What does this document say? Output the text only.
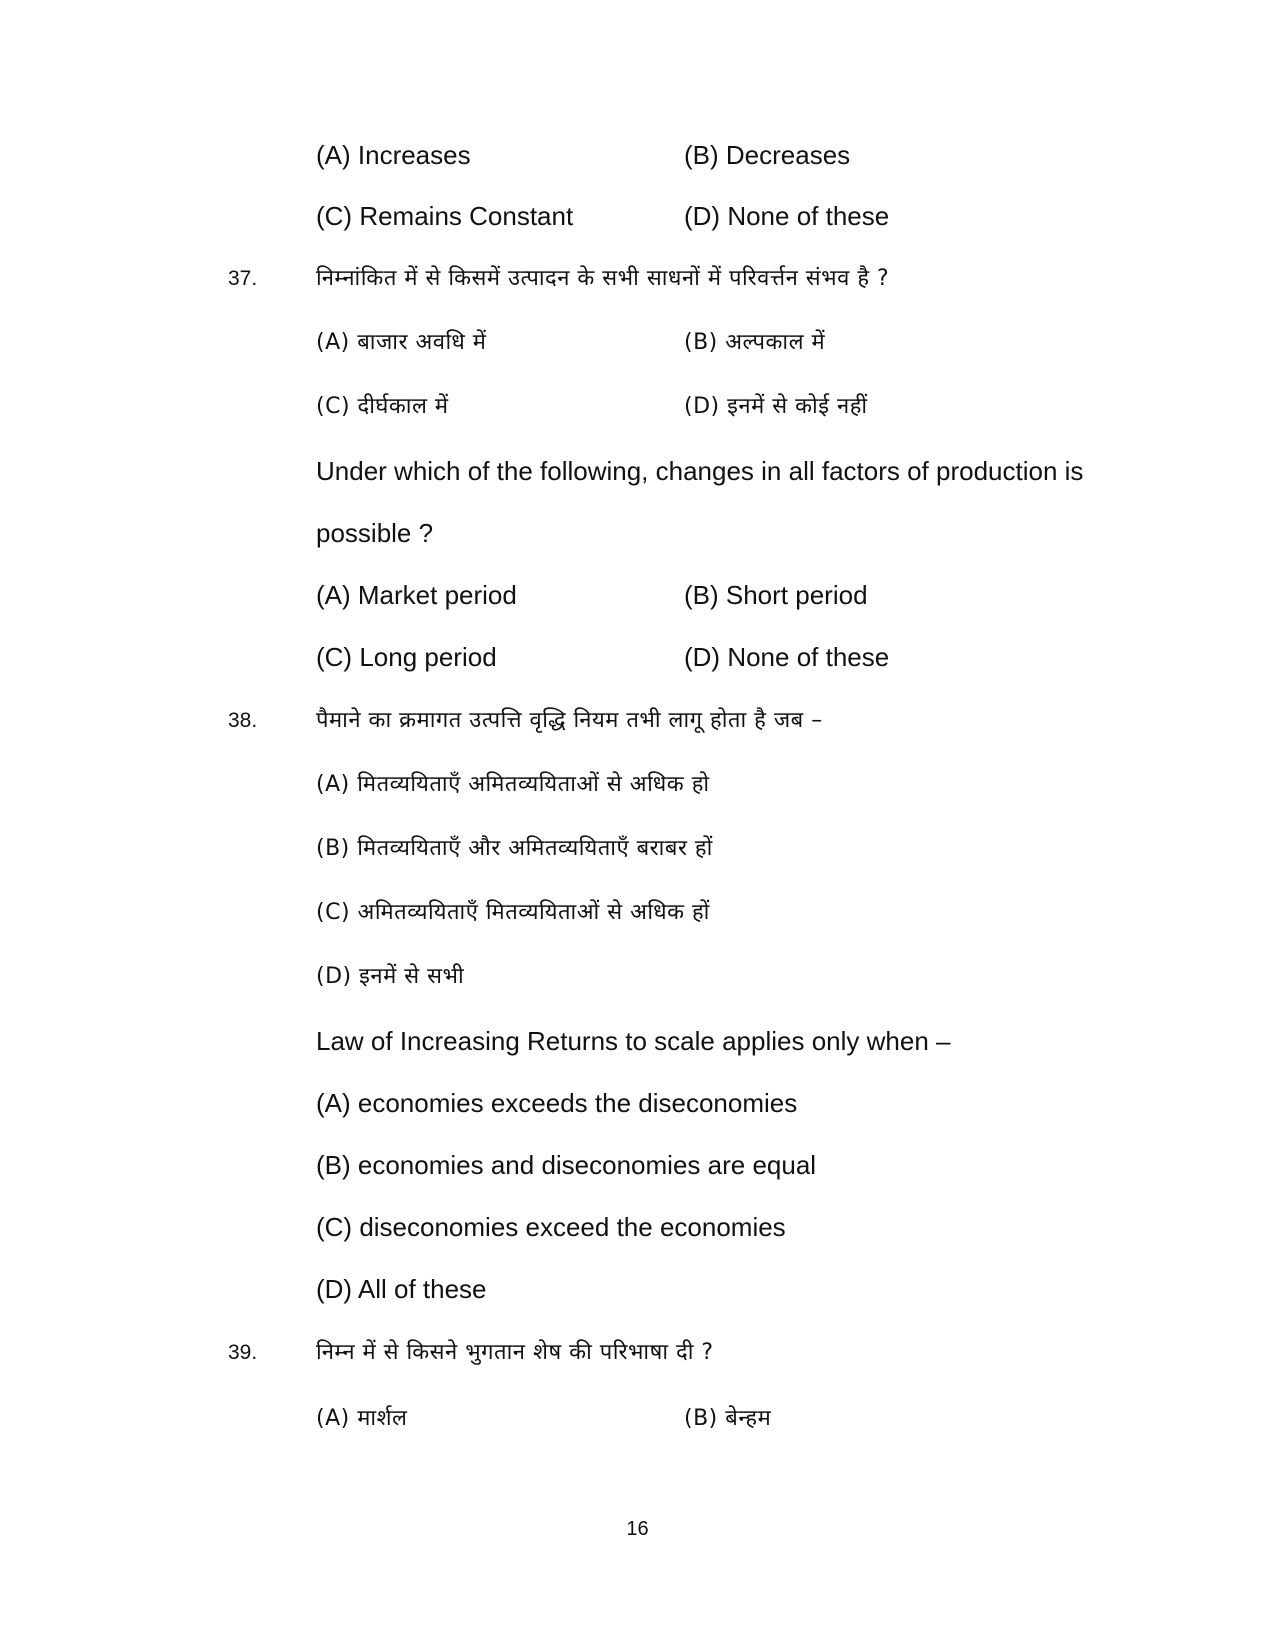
(A) Increases	(B) Decreases
(C) Remains Constant	(D) None of these
37.	निम्नांकित में से किसमें उत्पादन के सभी साधनों में परिवर्त्तन संभव है ?
(A) बाजार अवधि में	(B) अल्पकाल में
(C) दीर्घकाल में	(D) इनमें से कोई नहीं
Under which of the following, changes in all factors of production is
possible ?
(A) Market period	(B) Short period
(C) Long period	(D) None of these
38.	पैमाने का क्रमागत उत्पत्ति वृद्धि नियम तभी लागू होता है जब –
(A) मितव्ययिताएँ अमितव्ययिताओं से अधिक हो
(B) मितव्ययिताएँ और अमितव्ययिताएँ बराबर हों
(C) अमितव्ययिताएँ मितव्ययिताओं से अधिक हों
(D) इनमें से सभी
Law of Increasing Returns to scale applies only when –
(A) economies exceeds the diseconomies
(B) economies and diseconomies are equal
(C) diseconomies exceed the economies
(D) All of these
39.	निम्न में से किसने भुगतान शेष की परिभाषा दी ?
(A) मार्शल	(B) बेन्हम
16
